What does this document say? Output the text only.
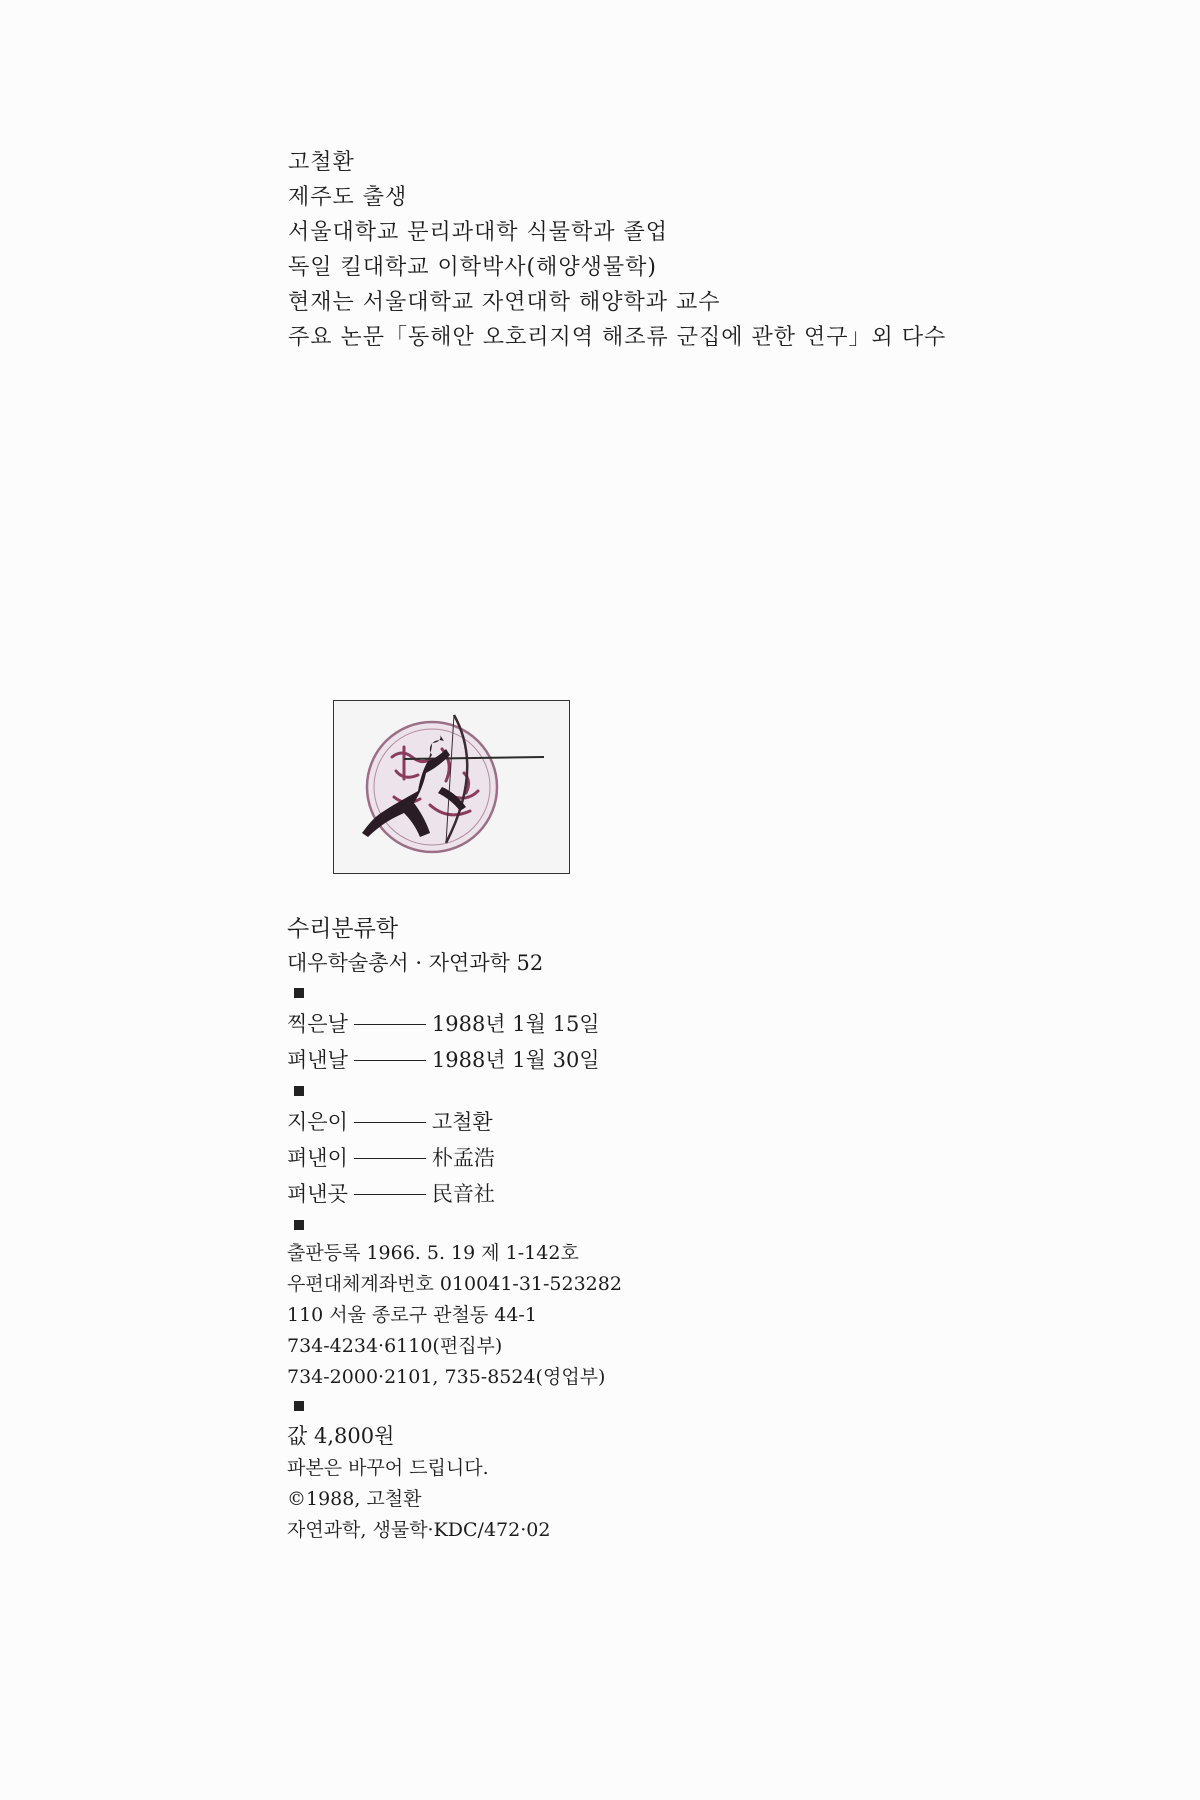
고철환
제주도 출생
서울대학교 문리과대학 식물학과 졸업
독일 킬대학교 이학박사(해양생물학)
현재는 서울대학교 자연대학 해양학과 교수
주요 논문「동해안 오호리지역 해조류 군집에 관한 연구」외 다수
수리분류학
대우학술총서 · 자연과학 52
찍은날	1988년 1월 15일
펴낸날	1988년 1월 30일
지은이	고철환
펴낸이	朴孟浩
펴낸곳	民音社
출판등록 1966. 5. 19 제 1-142호
우편대체계좌번호 010041-31-523282
110 서울 종로구 관철동 44-1
734-4234·6110(편집부)
734-2000·2101, 735-8524(영업부)
값 4,800원
파본은 바꾸어 드립니다.
©1988, 고철환
자연과학, 생물학·KDC/472·02
